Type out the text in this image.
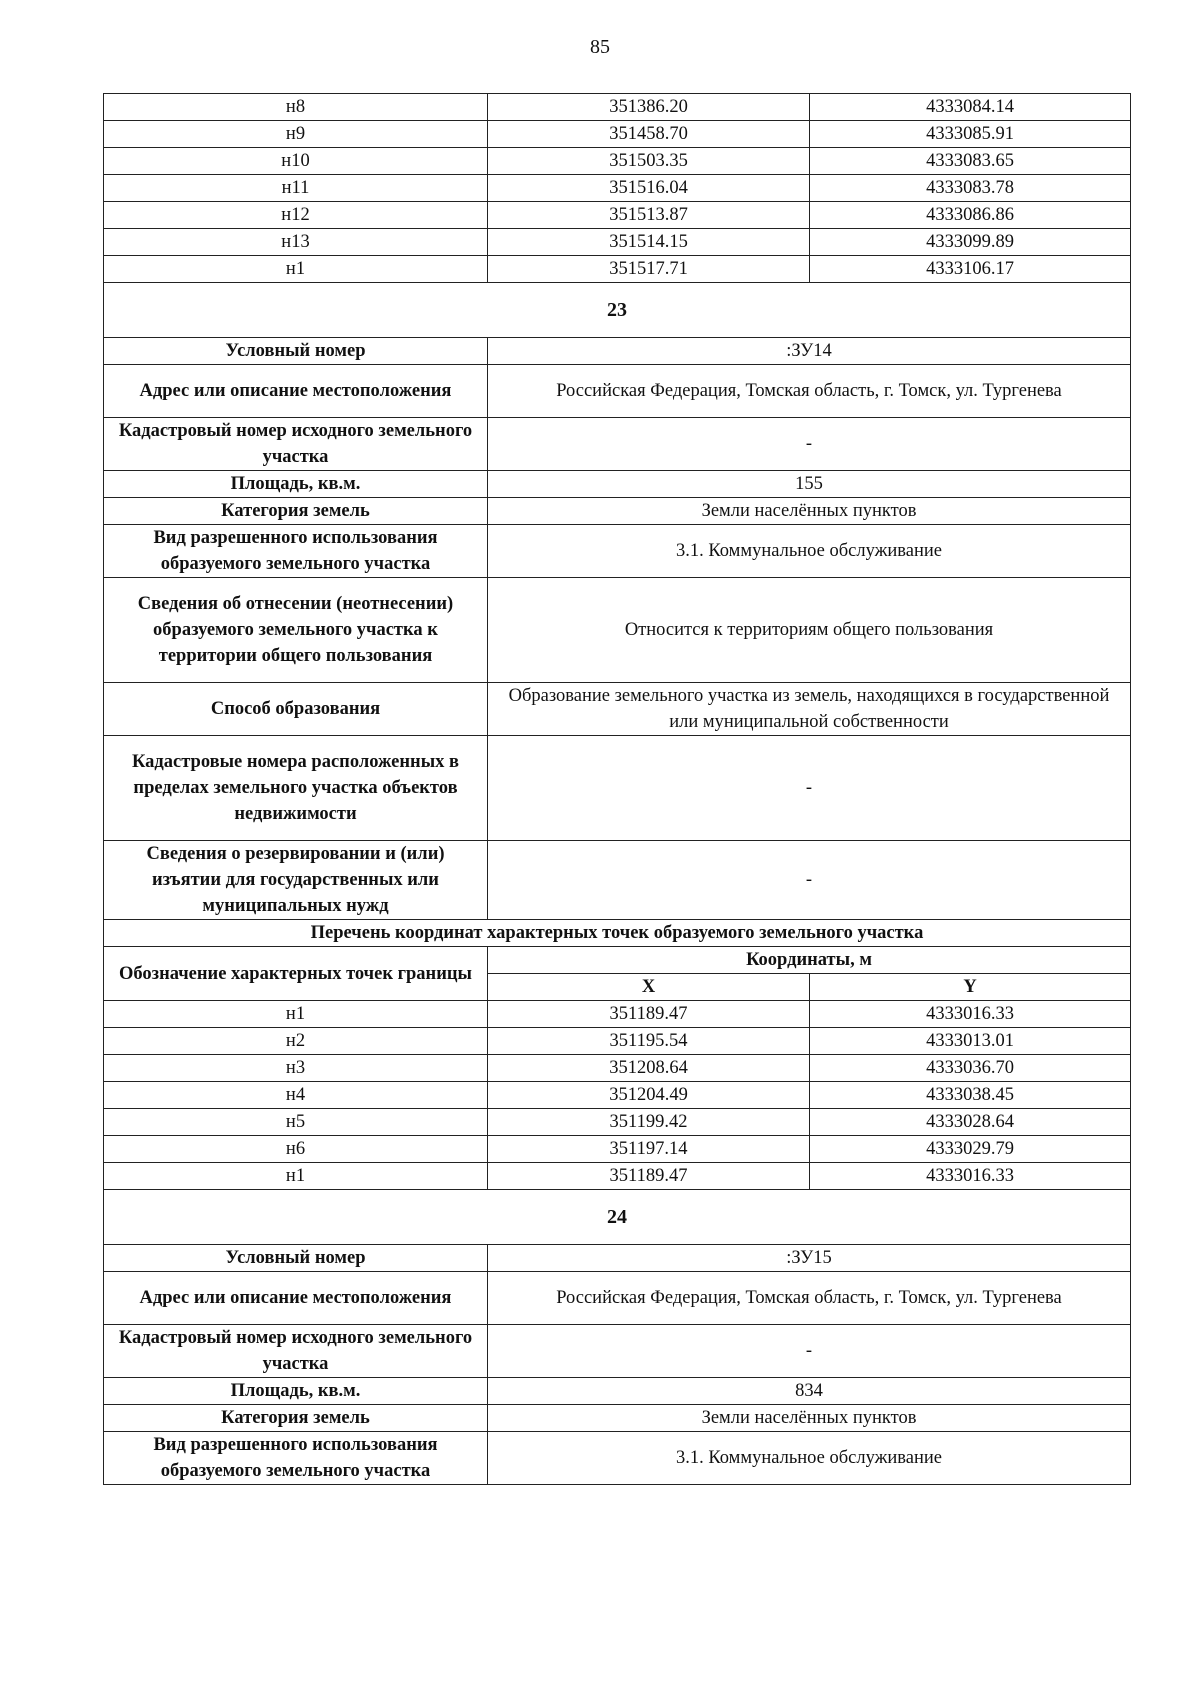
85
н8	351386.20	4333084.14
н9	351458.70	4333085.91
н10	351503.35	4333083.65
н11	351516.04	4333083.78
н12	351513.87	4333086.86
н13	351514.15	4333099.89
н1	351517.71	4333106.17
23		
Условный номер	:ЗУ14	
Адрес или описание местоположения	Российская Федерация, Томская область, г. Томск, ул. Тургенева	
Кадастровый номер исходного земельного участка	-	
Площадь, кв.м.	155	
Категория земель	Земли населённых пунктов	
Вид разрешенного использования образуемого земельного участка	3.1. Коммунальное обслуживание	
Сведения об отнесении (неотнесении) образуемого земельного участка к территории общего пользования	Относится к территориям общего пользования	
Способ образования	Образование земельного участка из земель, находящихся в государственной или муниципальной собственности	
Кадастровые номера расположенных в пределах земельного участка объектов недвижимости	-	
Сведения о резервировании и (или) изъятии для государственных или муниципальных нужд	-	
Перечень координат характерных точек образуемого земельного участка		
Обозначение характерных точек границы	Координаты, м	
	X	Y
н1	351189.47	4333016.33
н2	351195.54	4333013.01
н3	351208.64	4333036.70
н4	351204.49	4333038.45
н5	351199.42	4333028.64
н6	351197.14	4333029.79
н1	351189.47	4333016.33
24		
Условный номер	:ЗУ15	
Адрес или описание местоположения	Российская Федерация, Томская область, г. Томск, ул. Тургенева	
Кадастровый номер исходного земельного участка	-	
Площадь, кв.м.	834	
Категория земель	Земли населённых пунктов	
Вид разрешенного использования образуемого земельного участка	3.1. Коммунальное обслуживание	
